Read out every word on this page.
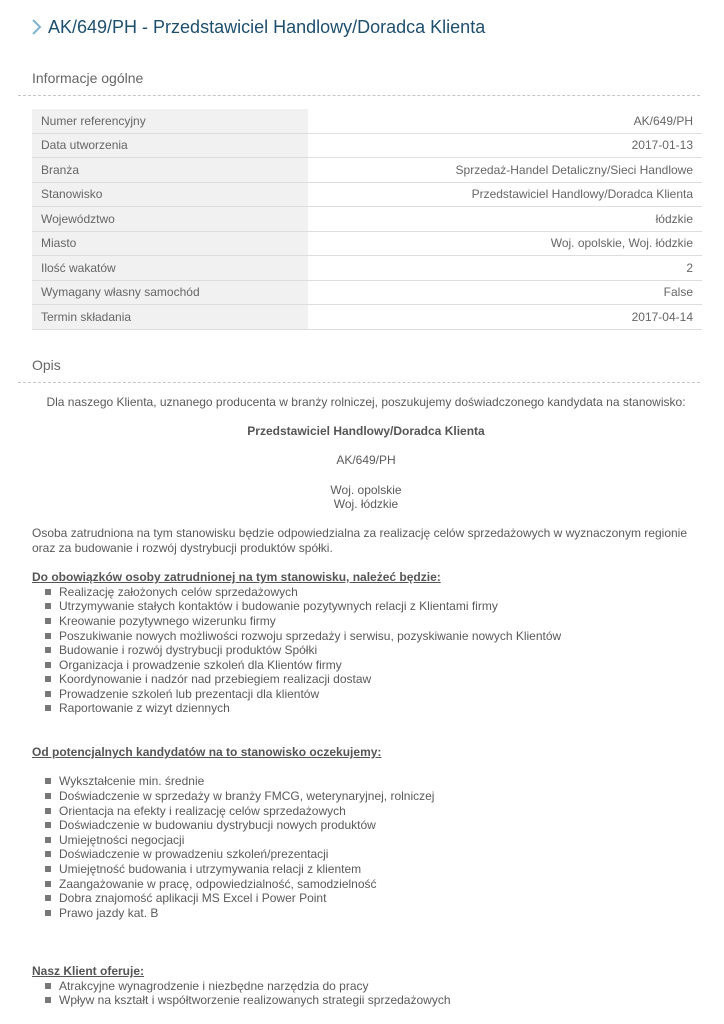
AK/649/PH - Przedstawiciel Handlowy/Doradca Klienta
Informacje ogólne
Numer referencyjny	AK/649/PH
Data utworzenia	2017-01-13
Branża	Sprzedaż-Handel Detaliczny/Sieci Handlowe
Stanowisko	Przedstawiciel Handlowy/Doradca Klienta
Województwo	łódzkie
Miasto	Woj. opolskie, Woj. łódzkie
Ilość wakatów	2
Wymagany własny samochód	False
Termin składania	2017-04-14
Opis

Dla naszego Klienta, uznanego producenta w branży rolniczej, poszukujemy doświadczonego kandydata na stanowisko:

Przedstawiciel Handlowy/Doradca Klienta

AK/649/PH

Woj. opolskie

Woj. łódzkie

Osoba zatrudniona na tym stanowisku będzie odpowiedzialna za realizację celów sprzedażowych w wyznaczonym regionie oraz za budowanie i rozwój dystrybucji produktów spółki.

Do obowiązków osoby zatrudnionej na tym stanowisku, należeć będzie:

Realizację założonych celów sprzedażowych
Utrzymywanie stałych kontaktów i budowanie pozytywnych relacji z Klientami firmy
Kreowanie pozytywnego wizerunku firmy
Poszukiwanie nowych możliwości rozwoju sprzedaży i serwisu, pozyskiwanie nowych Klientów
Budowanie i rozwój dystrybucji produktów Spółki
Organizacja i prowadzenie szkoleń dla Klientów firmy
Koordynowanie i nadzór nad przebiegiem realizacji dostaw
Prowadzenie szkoleń lub prezentacji dla klientów
Raportowanie z wizyt dziennych

Od potencjalnych kandydatów na to stanowisko oczekujemy:

Wykształcenie min. średnie
Doświadczenie w sprzedaży w branży FMCG, weterynaryjnej, rolniczej
Orientacja na efekty i realizację celów sprzedażowych
Doświadczenie w budowaniu dystrybucji nowych produktów
Umiejętności negocjacji
Doświadczenie w prowadzeniu szkoleń/prezentacji
Umiejętność budowania i utrzymywania relacji z klientem
Zaangażowanie w pracę, odpowiedzialność, samodzielność
Dobra znajomość aplikacji MS Excel i Power Point
Prawo jazdy kat. B

Nasz Klient oferuje:

Atrakcyjne wynagrodzenie i niezbędne narzędzia do pracy
Wpływ na kształt i współtworzenie realizowanych strategii sprzedażowych
